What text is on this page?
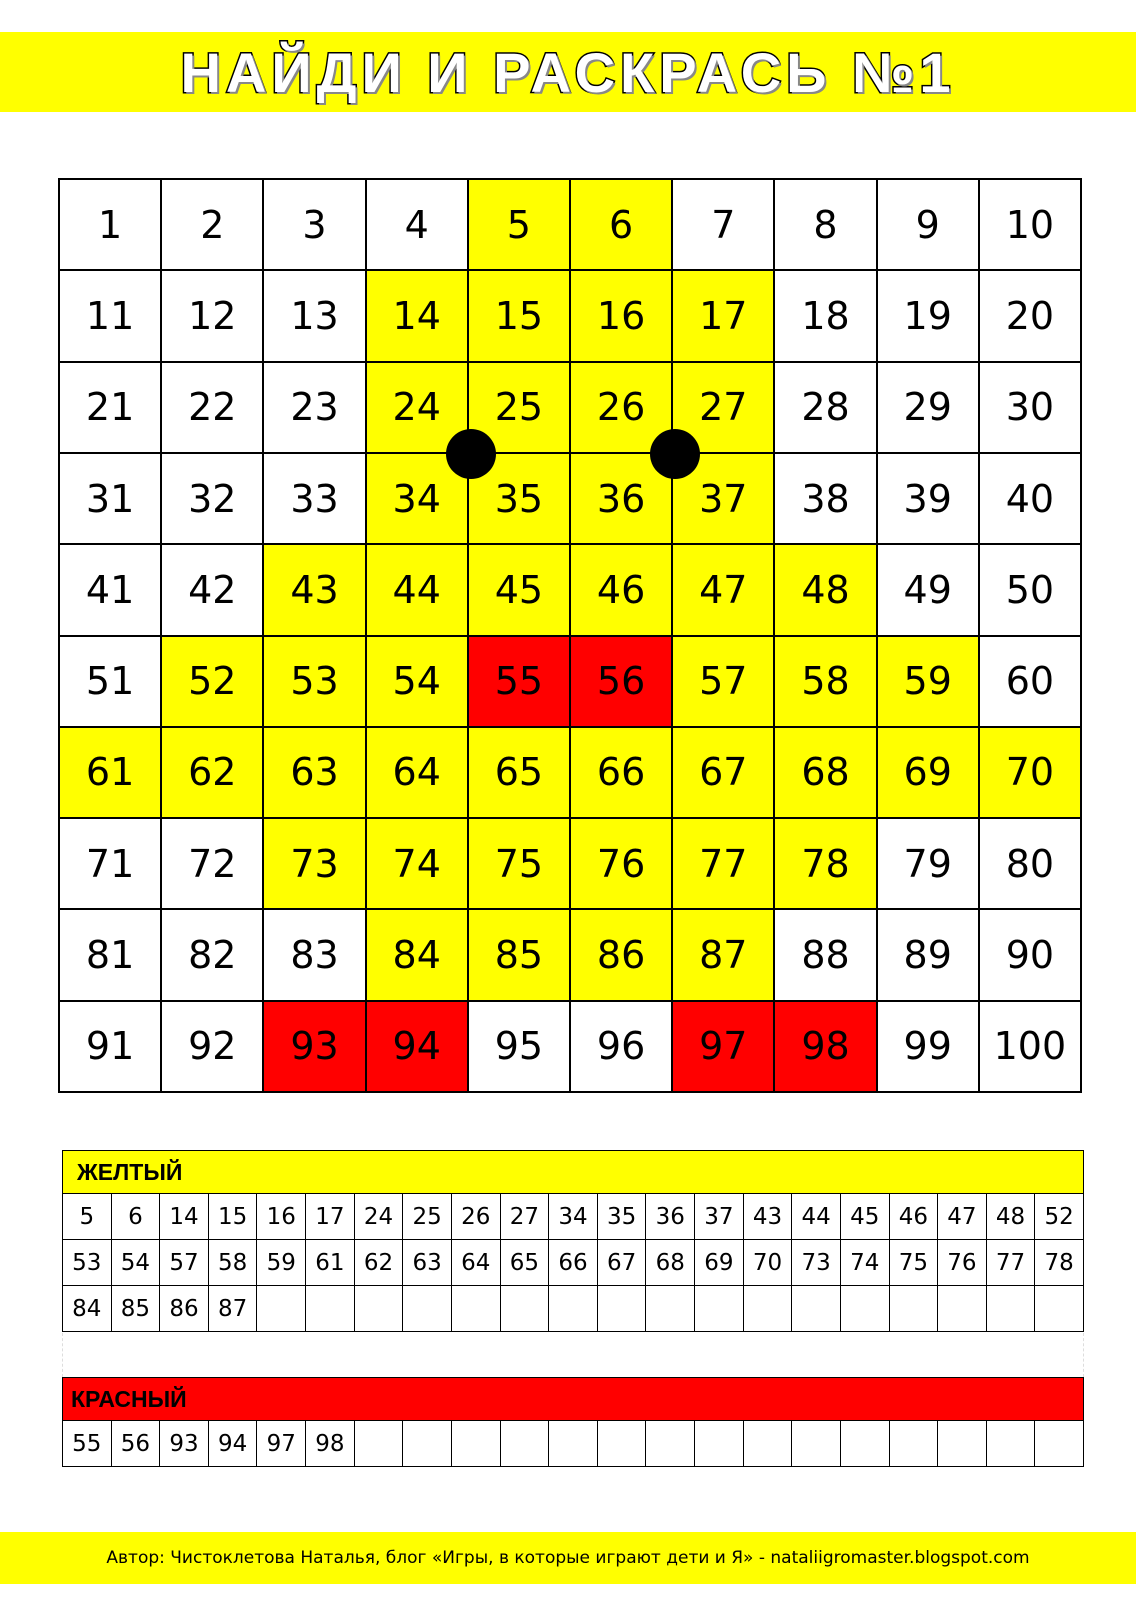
НАЙДИ И РАСКРАСЬ №1
1	2	3	4	5	6	7	8	9	10
11	12	13	14	15	16	17	18	19	20
21	22	23	24	25	26	27	28	29	30
31	32	33	34	35	36	37	38	39	40
41	42	43	44	45	46	47	48	49	50
51	52	53	54	55	56	57	58	59	60
61	62	63	64	65	66	67	68	69	70
71	72	73	74	75	76	77	78	79	80
81	82	83	84	85	86	87	88	89	90
91	92	93	94	95	96	97	98	99	100
ЖЕЛТЫЙ
5	6	14 15 16 17 24 25 26 27 34 35 36 37 43 44 45 46 47 48 52
53 54 57 58 59 61 62 63 64 65 66 67 68 69 70 73 74 75 76 77 78
84 85 86 87
КРАСНЫЙ
55 56 93 94 97 98
Автор: Чистоклетова Наталья, блог «Игры, в которые играют дети и Я» - nataliigromaster.blogspot.com
